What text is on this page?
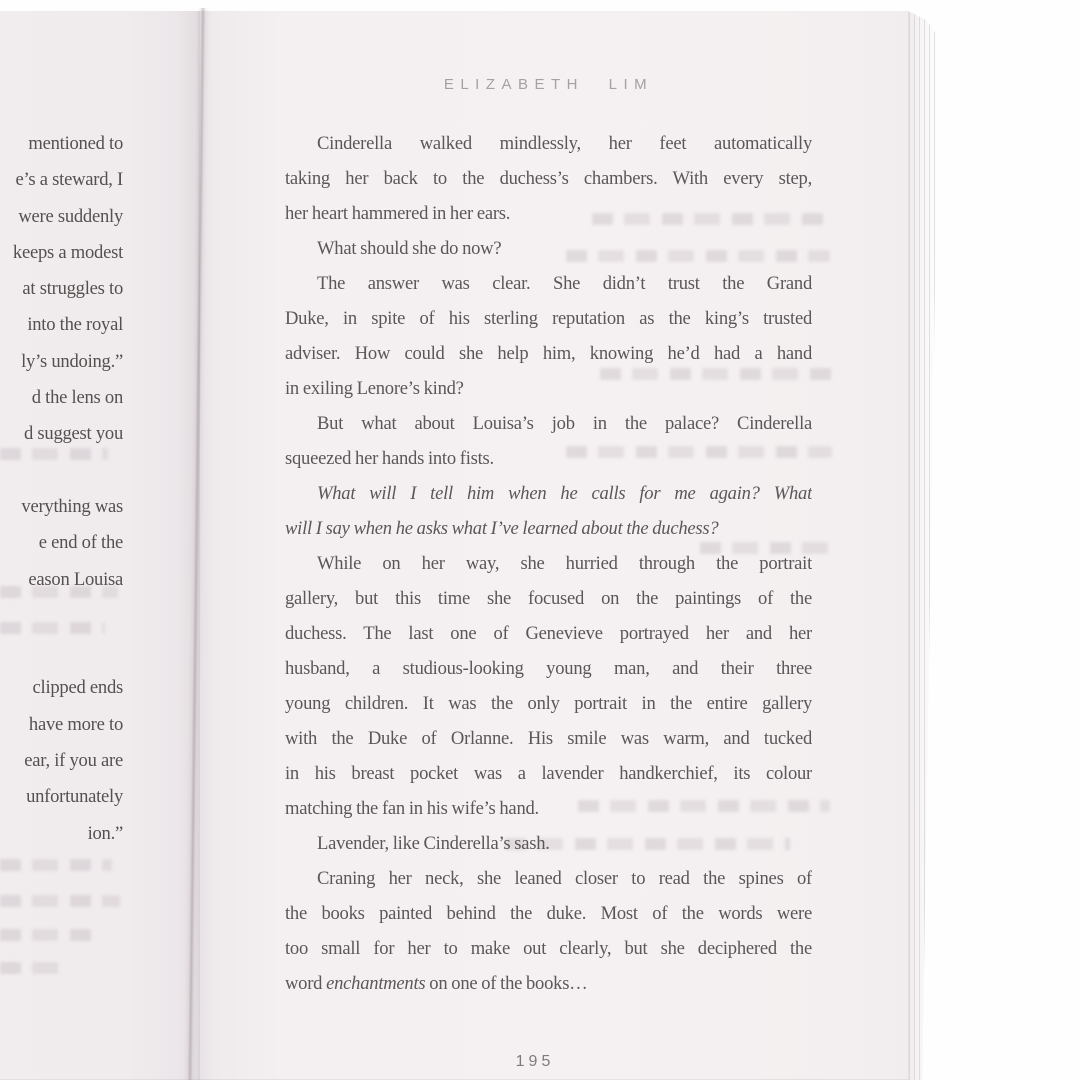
ELIZABETH LIM
mentioned to
e’s a steward, I
were suddenly
keeps a modest
at struggles to
into the royal
ly’s undoing.”
d the lens on
d suggest you

verything was
e end of the
eason Louisa

clipped ends
have more to
ear, if you are
unfortunately
ion.”
Cinderella walked mindlessly, her feet automatically
taking her back to the duchess’s chambers. With every step,
her heart hammered in her ears.
What should she do now?
The answer was clear. She didn’t trust the Grand
Duke, in spite of his sterling reputation as the king’s trusted
adviser. How could she help him, knowing he’d had a hand
in exiling Lenore’s kind?
But what about Louisa’s job in the palace? Cinderella
squeezed her hands into fists.
What will I tell him when he calls for me again? What
will I say when he asks what I’ve learned about the duchess?
While on her way, she hurried through the portrait
gallery, but this time she focused on the paintings of the
duchess. The last one of Genevieve portrayed her and her
husband, a studious-looking young man, and their three
young children. It was the only portrait in the entire gallery
with the Duke of Orlanne. His smile was warm, and tucked
in his breast pocket was a lavender handkerchief, its colour
matching the fan in his wife’s hand.
Lavender, like Cinderella’s sash.
Craning her neck, she leaned closer to read the spines of
the books painted behind the duke. Most of the words were
too small for her to make out clearly, but she deciphered the
word enchantments on one of the books…
195
